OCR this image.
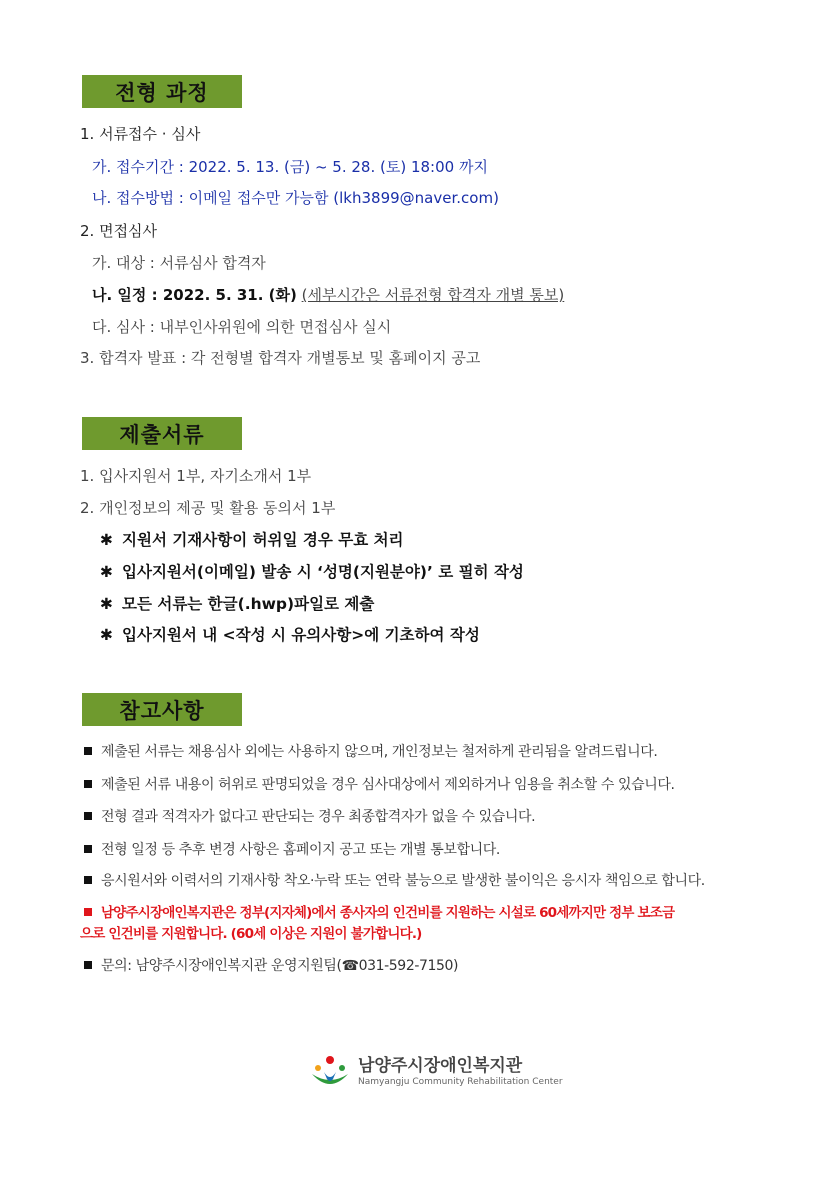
전형 과정
1. 서류접수 · 심사
가. 접수기간 : 2022. 5. 13. (금) ~ 5. 28. (토) 18:00 까지
나. 접수방법 : 이메일 접수만 가능함 (lkh3899@naver.com)
2. 면접심사
가. 대상 : 서류심사 합격자
나. 일정 : 2022. 5. 31. (화) (세부시간은 서류전형 합격자 개별 통보)
다. 심사 : 내부인사위원에 의한 면접심사 실시
3. 합격자 발표 : 각 전형별 합격자 개별통보 및 홈페이지 공고
제출서류
1. 입사지원서 1부, 자기소개서 1부
2. 개인정보의 제공 및 활용 동의서 1부
✱ 지원서 기재사항이 허위일 경우 무효 처리
✱ 입사지원서(이메일) 발송 시 ‘성명(지원분야)’ 로 필히 작성
✱ 모든 서류는 한글(.hwp)파일로 제출
✱ 입사지원서 내 <작성 시 유의사항>에 기초하여 작성
참고사항
제출된 서류는 채용심사 외에는 사용하지 않으며, 개인정보는 철저하게 관리됨을 알려드립니다.
제출된 서류 내용이 허위로 판명되었을 경우 심사대상에서 제외하거나 임용을 취소할 수 있습니다.
전형 결과 적격자가 없다고 판단되는 경우 최종합격자가 없을 수 있습니다.
전형 일정 등 추후 변경 사항은 홈페이지 공고 또는 개별 통보합니다.
응시원서와 이력서의 기재사항 착오·누락 또는 연락 불능으로 발생한 불이익은 응시자 책임으로 합니다.
남양주시장애인복지관은 정부(지자체)에서 종사자의 인건비를 지원하는 시설로 60세까지만 정부 보조금
으로 인건비를 지원합니다. (60세 이상은 지원이 불가합니다.)
문의: 남양주시장애인복지관 운영지원팀(☎031-592-7150)
남양주시장애인복지관
Namyangju Community Rehabilitation Center
